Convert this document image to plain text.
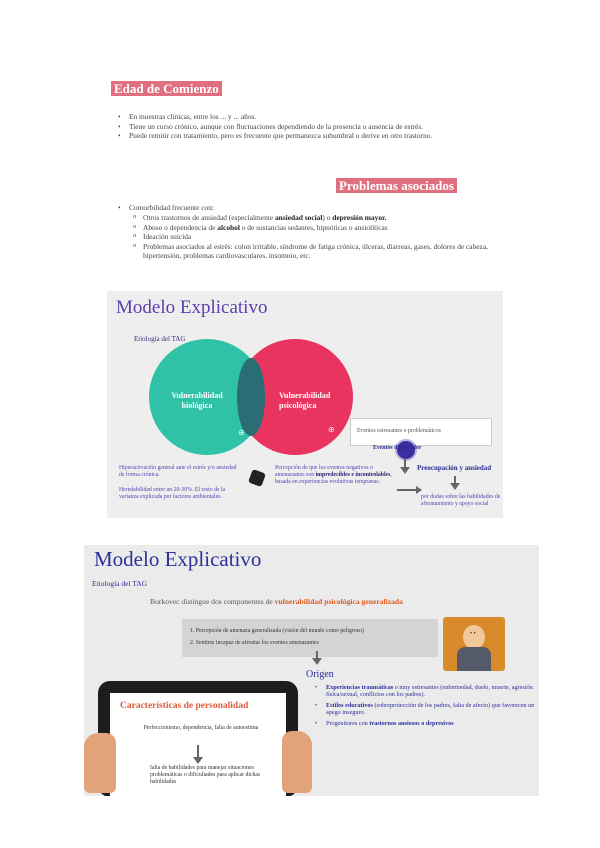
Edad de Comienzo
• En muestras clínicas, entre los ... y ... años.
• Tiene un curso crónico, aunque con fluctuaciones dependiendo de la presencia o ausencia de estrés.
• Puede remitir con tratamiento, pero es frecuente que permanezca subumbral o derive en otro trastorno.
Problemas asociados
• Comorbilidad frecuente con:
o Otros trastornos de ansiedad (especialmente ansiedad social) o depresión mayor.
o Abuso o dependencia de alcohol o de sustancias sedantes, hipnóticas o ansiolíticas
o Ideación suicida
o Problemas asociados al estrés: colon irritable, síndrome de fatiga crónica, úlceras, diarreas, gases, dolores de cabeza, hipertensión, problemas cardiovasculares, insomnio, etc.
Modelo Explicativo
Etiología del TAG
Vulnerabilidad biológica
Vulnerabilidad psicológica
⊕	⊕	Eventos estresantes o problemáticos
Eventos disparador
Hiperactivación general ante el estrés y/o ansiedad de forma crónica.
Heredabilidad entre un 20-30%. El resto de la varianza explicada por factores ambientales.
Percepción de que los eventos negativos o amenazantes son impredecibles e incontrolables, basada en experiencias evolutivas tempranas.
Preocupación y ansiedad
por dudas sobre las habilidades de afrontamiento y apoyo social
Modelo Explicativo
Etiología del TAG
Borkovec distingue dos componentes de vulnerabilidad psicológica generalizada
1. Percepción de amenaza generalizada (visión del mundo como peligroso)
2. Sentirse incapaz de afrontar los eventos amenazantes
• •
Origen
• Experiencias traumáticas o muy estresantes (enfermedad, duelo, muerte, agresión física/sexual, conflictos con los padres).
• Estilos educativos (sobreprotección de los padres, falta de afecto) que favorecen un apego inseguro.
• Progenitores con trastornos ansiosos o depresivos
Características de personalidad
Perfeccionismo, dependencia, falta de autoestima
falta de habilidades para manejar situaciones problemáticas o dificultades para aplicar dichas habilidades
